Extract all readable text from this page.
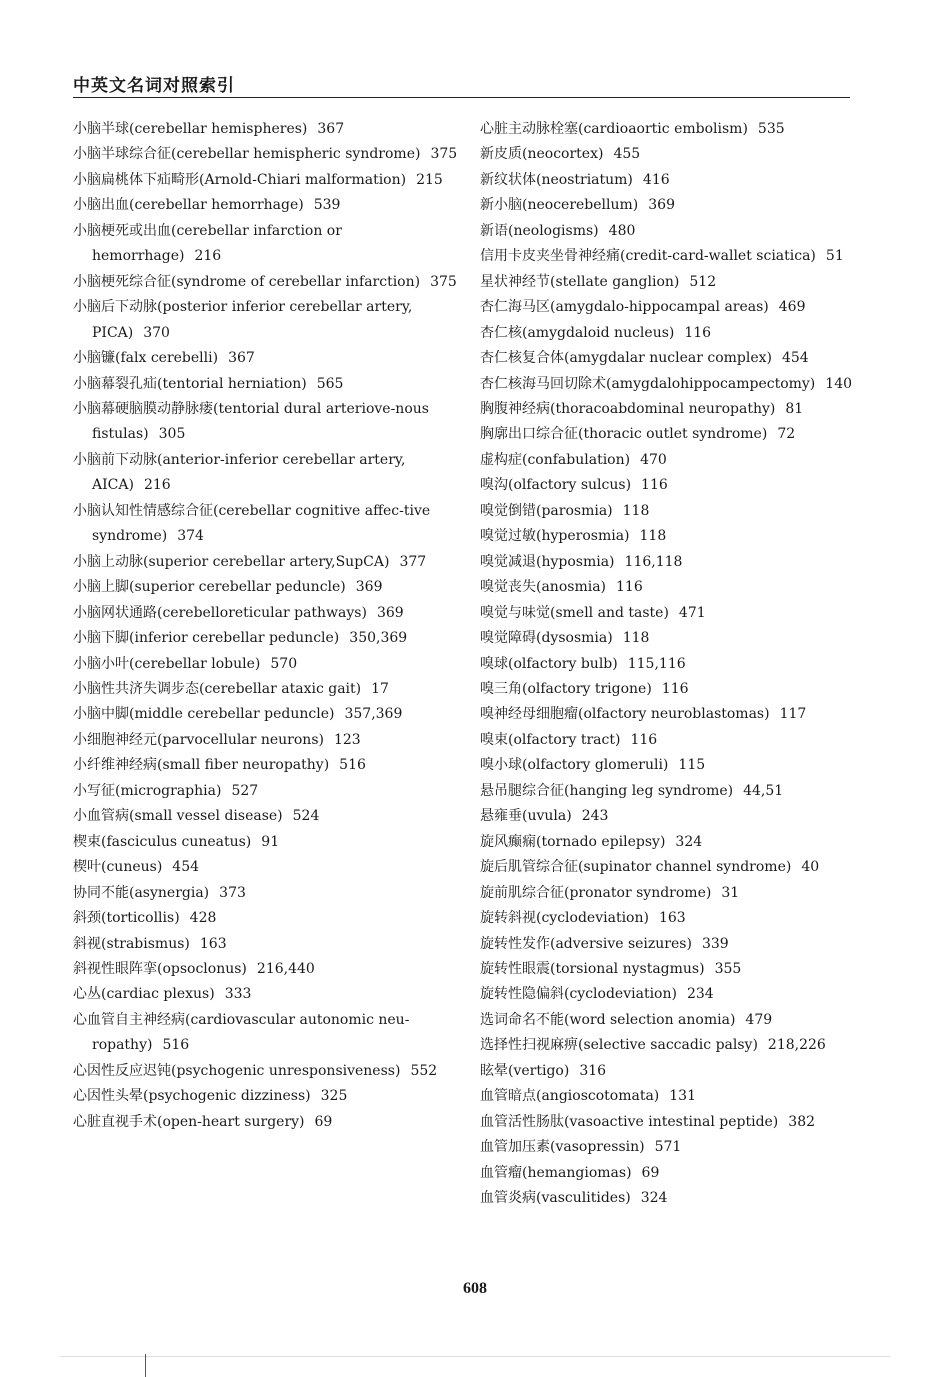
中英文名词对照索引
小脑半球(cerebellar hemispheres) 367
小脑半球综合征(cerebellar hemispheric syndrome) 375
小脑扁桃体下疝畸形(Arnold-Chiari malformation) 215
小脑出血(cerebellar hemorrhage) 539
小脑梗死或出血(cerebellar infarction or hemorrhage) 216
小脑梗死综合征(syndrome of cerebellar infarction) 375
小脑后下动脉(posterior inferior cerebellar artery, PICA) 370
小脑镰(falx cerebelli) 367
小脑幕裂孔疝(tentorial herniation) 565
小脑幕硬脑膜动静脉瘘(tentorial dural arteriove-nous fistulas) 305
小脑前下动脉(anterior-inferior cerebellar artery, AICA) 216
小脑认知性情感综合征(cerebellar cognitive affec-tive syndrome) 374
小脑上动脉(superior cerebellar artery,SupCA) 377
小脑上脚(superior cerebellar peduncle) 369
小脑网状通路(cerebelloreticular pathways) 369
小脑下脚(inferior cerebellar peduncle) 350,369
小脑小叶(cerebellar lobule) 570
小脑性共济失调步态(cerebellar ataxic gait) 17
小脑中脚(middle cerebellar peduncle) 357,369
小细胞神经元(parvocellular neurons) 123
小纤维神经病(small fiber neuropathy) 516
小写征(micrographia) 527
小血管病(small vessel disease) 524
楔束(fasciculus cuneatus) 91
楔叶(cuneus) 454
协同不能(asynergia) 373
斜颈(torticollis) 428
斜视(strabismus) 163
斜视性眼阵挛(opsoclonus) 216,440
心丛(cardiac plexus) 333
心血管自主神经病(cardiovascular autonomic neu-ropathy) 516
心因性反应迟钝(psychogenic unresponsiveness) 552
心因性头晕(psychogenic dizziness) 325
心脏直视手术(open-heart surgery) 69
心脏主动脉栓塞(cardioaortic embolism) 535
新皮质(neocortex) 455
新纹状体(neostriatum) 416
新小脑(neocerebellum) 369
新语(neologisms) 480
信用卡皮夹坐骨神经痛(credit-card-wallet sciatica) 51
星状神经节(stellate ganglion) 512
杏仁海马区(amygdalo-hippocampal areas) 469
杏仁核(amygdaloid nucleus) 116
杏仁核复合体(amygdalar nuclear complex) 454
杏仁核海马回切除术(amygdalohippocampectomy) 140
胸腹神经病(thoracoabdominal neuropathy) 81
胸廓出口综合征(thoracic outlet syndrome) 72
虚构症(confabulation) 470
嗅沟(olfactory sulcus) 116
嗅觉倒错(parosmia) 118
嗅觉过敏(hyperosmia) 118
嗅觉减退(hyposmia) 116,118
嗅觉丧失(anosmia) 116
嗅觉与味觉(smell and taste) 471
嗅觉障碍(dysosmia) 118
嗅球(olfactory bulb) 115,116
嗅三角(olfactory trigone) 116
嗅神经母细胞瘤(olfactory neuroblastomas) 117
嗅束(olfactory tract) 116
嗅小球(olfactory glomeruli) 115
悬吊腿综合征(hanging leg syndrome) 44,51
悬雍垂(uvula) 243
旋风癫痫(tornado epilepsy) 324
旋后肌管综合征(supinator channel syndrome) 40
旋前肌综合征(pronator syndrome) 31
旋转斜视(cyclodeviation) 163
旋转性发作(adversive seizures) 339
旋转性眼震(torsional nystagmus) 355
旋转性隐偏斜(cyclodeviation) 234
选词命名不能(word selection anomia) 479
选择性扫视麻痹(selective saccadic palsy) 218,226
眩晕(vertigo) 316
血管暗点(angioscotomata) 131
血管活性肠肽(vasoactive intestinal peptide) 382
血管加压素(vasopressin) 571
血管瘤(hemangiomas) 69
血管炎病(vasculitides) 324
608
